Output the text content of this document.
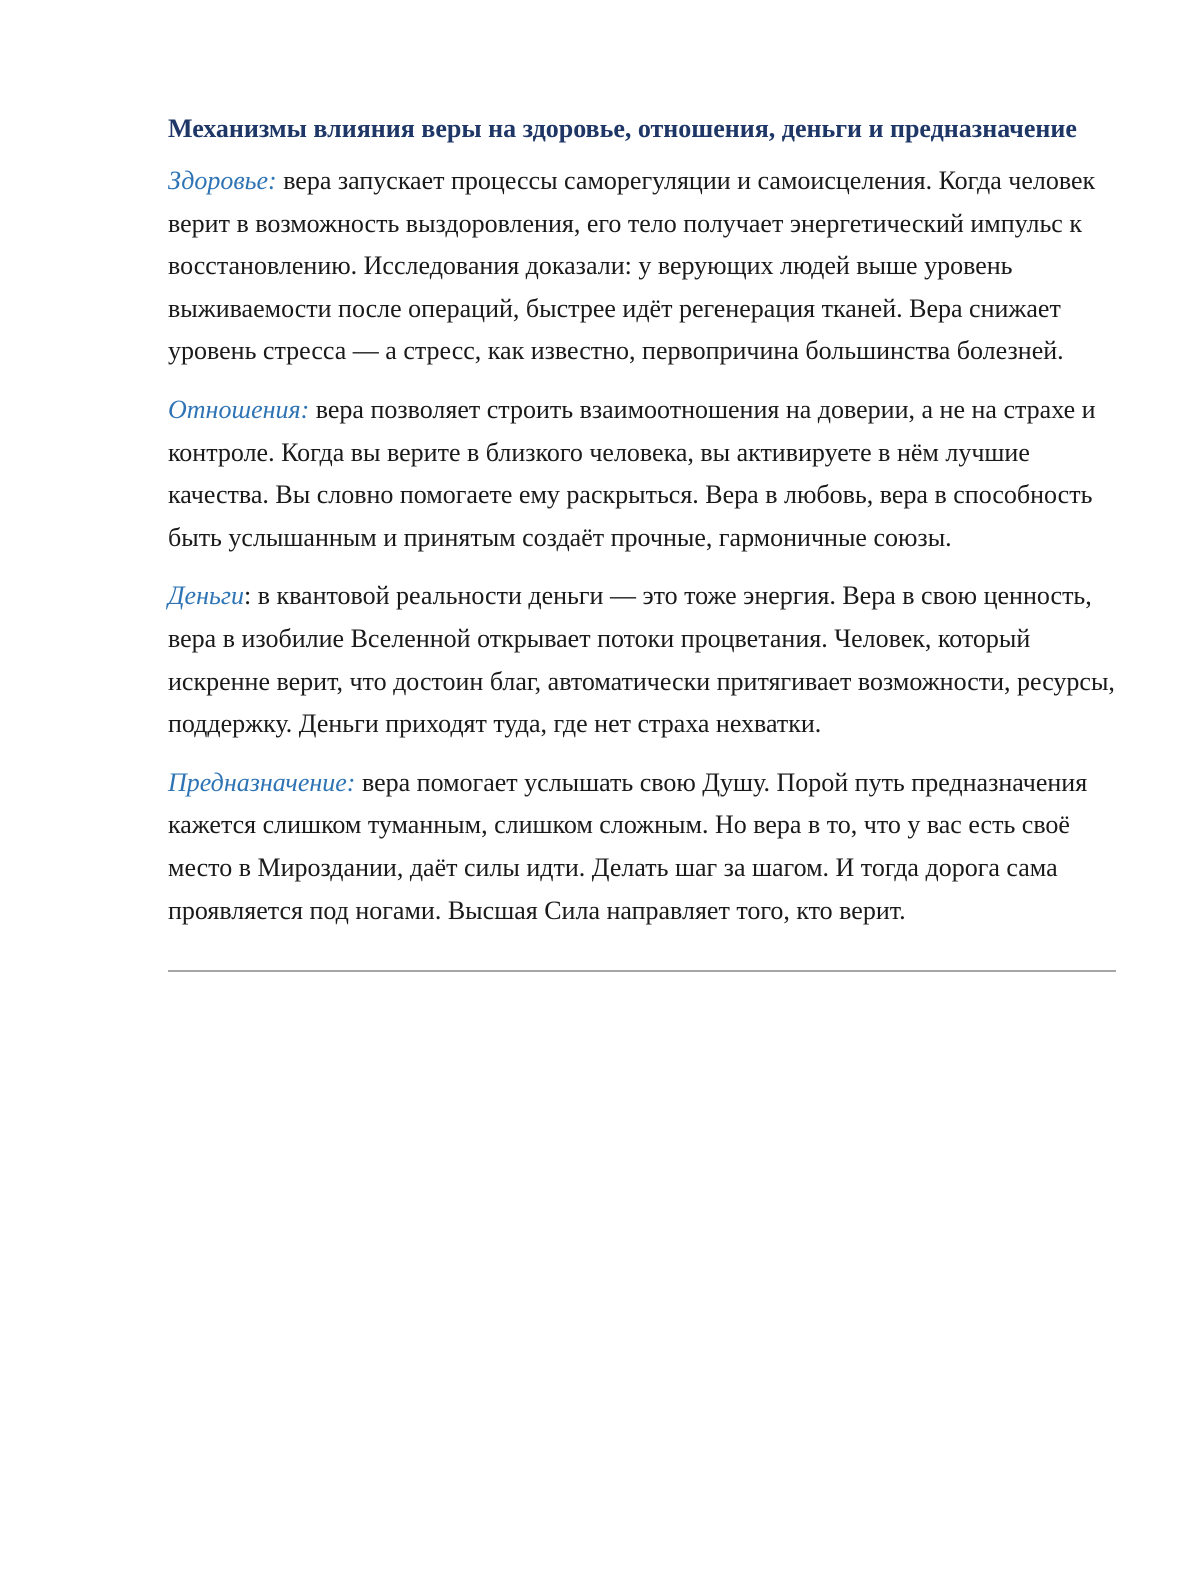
Механизмы влияния веры на здоровье, отношения, деньги и предназначение

Здоровье: вера запускает процессы саморегуляции и самоисцеления. Когда человек верит в возможность выздоровления, его тело получает энергетический импульс к восстановлению. Исследования доказали: у верующих людей выше уровень выживаемости после операций, быстрее идёт регенерация тканей. Вера снижает уровень стресса — а стресс, как известно, первопричина большинства болезней.

Отношения: вера позволяет строить взаимоотношения на доверии, а не на страхе и контроле. Когда вы верите в близкого человека, вы активируете в нём лучшие качества. Вы словно помогаете ему раскрыться. Вера в любовь, вера в способность быть услышанным и принятым создаёт прочные, гармоничные союзы.

Деньги: в квантовой реальности деньги — это тоже энергия. Вера в свою ценность, вера в изобилие Вселенной открывает потоки процветания. Человек, который искренне верит, что достоин благ, автоматически притягивает возможности, ресурсы, поддержку. Деньги приходят туда, где нет страха нехватки.

Предназначение: вера помогает услышать свою Душу. Порой путь предназначения кажется слишком туманным, слишком сложным. Но вера в то, что у вас есть своё место в Мироздании, даёт силы идти. Делать шаг за шагом. И тогда дорога сама проявляется под ногами. Высшая Сила направляет того, кто верит.
